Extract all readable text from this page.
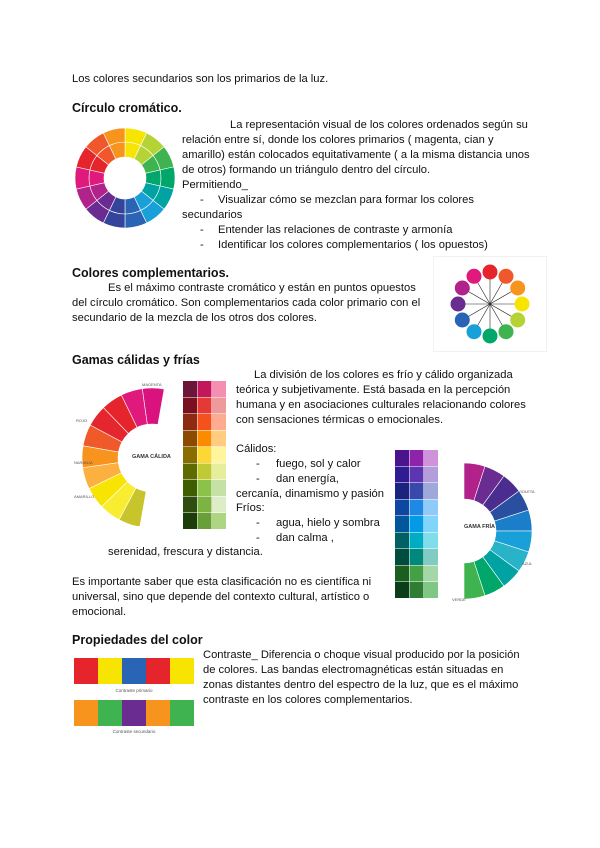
Los colores secundarios son los primarios de la luz.
Círculo cromático.
La representación visual de los colores ordenados según su
relación entre sí, donde los colores primarios ( magenta, cian y
amarillo) están colocados equitativamente ( a la misma distancia unos
de otros) formando un triángulo dentro del círculo.
Permitiendo_
- Visualizar cómo se mezclan para formar los colores
secundarios
- Entender las relaciones de contraste y armonía
- Identificar los colores complementarios ( los opuestos)
Colores complementarios.
Es el máximo contraste cromático y están en puntos opuestos
del círculo cromático. Son complementarios cada color primario con el
secundario de la mezcla de los otros dos colores.
Gamas cálidas y frías
GAMA CÁLIDA
MAGENTA
ROJO
NARANJA
AMARILLO
La división de los colores es frío y cálido organizada
teórica y subjetivamente. Está basada en la percepción
humana y en asociaciones culturales relacionando colores
con sensaciones térmicas o emocionales.
Cálidos:
- fuego, sol y calor
- dan energía,
cercanía, dinamismo y pasión
Fríos:
- agua, hielo y sombra
- dan calma ,
serenidad, frescura y distancia.
GAMA FRÍA
VIOLETA
AZUL
VERDE
Es importante saber que esta clasificación no es científica ni
universal, sino que depende del contexto cultural, artístico o
emocional.
Propiedades del color
Contraste primario
Contraste secundario
Contraste_ Diferencia o choque visual producido por la posición
de colores. Las bandas electromagnéticas están situadas en
zonas distantes dentro del espectro de la luz, que es el máximo
contraste en los colores complementarios.
